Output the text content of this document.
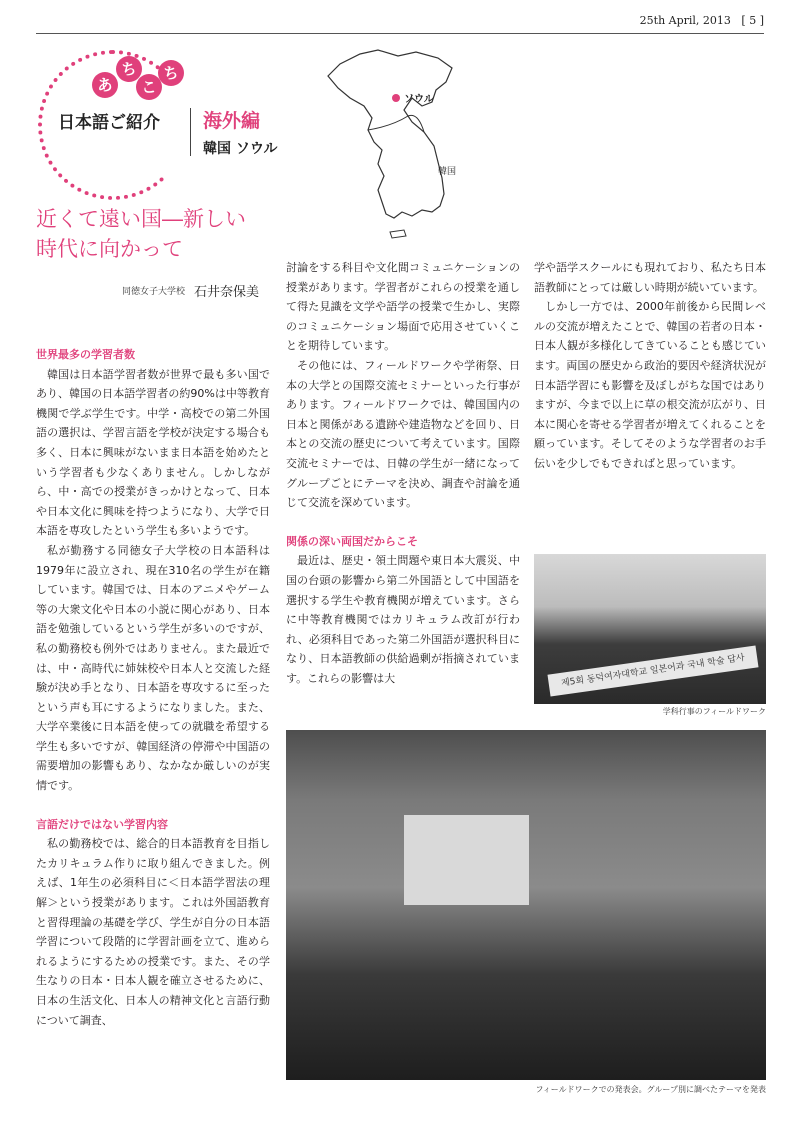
25th April, 2013 [ 5 ]
あ
ち
こ
ち
日本語ご紹介 海外編
韓国 ソウル
ソウル
韓国
近くて遠い国―新しい
時代に向かって
同徳女子大学校 石井奈保美
世界最多の学習者数

韓国は日本語学習者数が世界で最も多い国であり、韓国の日本語学習者の約90%は中等教育機関で学ぶ学生です。中学・高校での第二外国語の選択は、学習言語を学校が決定する場合も多く、日本に興味がないまま日本語を始めたという学習者も少なくありません。しかしながら、中・高での授業がきっかけとなって、日本や日本文化に興味を持つようになり、大学で日本語を専攻したという学生も多いようです。

私が勤務する同徳女子大学校の日本語科は1979年に設立され、現在310名の学生が在籍しています。韓国では、日本のアニメやゲーム等の大衆文化や日本の小説に関心があり、日本語を勉強しているという学生が多いのですが、私の勤務校も例外ではありません。また最近では、中・高時代に姉妹校や日本人と交流した経験が決め手となり、日本語を専攻するに至ったという声も耳にするようになりました。また、大学卒業後に日本語を使っての就職を希望する学生も多いですが、韓国経済の停滞や中国語の需要増加の影響もあり、なかなか厳しいのが実情です。

言語だけではない学習内容

私の勤務校では、総合的日本語教育を目指したカリキュラム作りに取り組んできました。例えば、1年生の必須科目に＜日本語学習法の理解＞という授業があります。これは外国語教育と習得理論の基礎を学び、学生が自分の日本語学習について段階的に学習計画を立て、進められるようにするための授業です。また、その学生なりの日本・日本人観を確立させるために、日本の生活文化、日本人の精神文化と言語行動について調査、

討論をする科目や文化間コミュニケーションの授業があります。学習者がこれらの授業を通して得た見識を文学や語学の授業で生かし、実際のコミュニケーション場面で応用させていくことを期待しています。

その他には、フィールドワークや学術祭、日本の大学との国際交流セミナーといった行事があります。フィールドワークでは、韓国国内の日本と関係がある遺跡や建造物などを回り、日本との交流の歴史について考えています。国際交流セミナーでは、日韓の学生が一緒になってグループごとにテーマを決め、調査や討論を通じて交流を深めています。

関係の深い両国だからこそ

最近は、歴史・領土問題や東日本大震災、中国の台頭の影響から第二外国語として中国語を選択する学生や教育機関が増えています。さらに中等教育機関ではカリキュラム改訂が行われ、必須科目であった第二外国語が選択科目になり、日本語教師の供給過剰が指摘されています。これらの影響は大

学や語学スクールにも現れており、私たち日本語教師にとっては厳しい時期が続いています。

しかし一方では、2000年前後から民間レベルの交流が増えたことで、韓国の若者の日本・日本人観が多様化してきていることも感じています。両国の歴史から政治的要因や経済状況が日本語学習にも影響を及ぼしがちな国ではありますが、今まで以上に草の根交流が広がり、日本に関心を寄せる学習者が増えてくれることを願っています。そしてそのような学習者のお手伝いを少しでもできればと思っています。

제5회 동덕여자대학교 일본어과 국내 학술 답사
学科行事のフィールドワーク
フィールドワークでの発表会。グループ別に調べたテーマを発表
